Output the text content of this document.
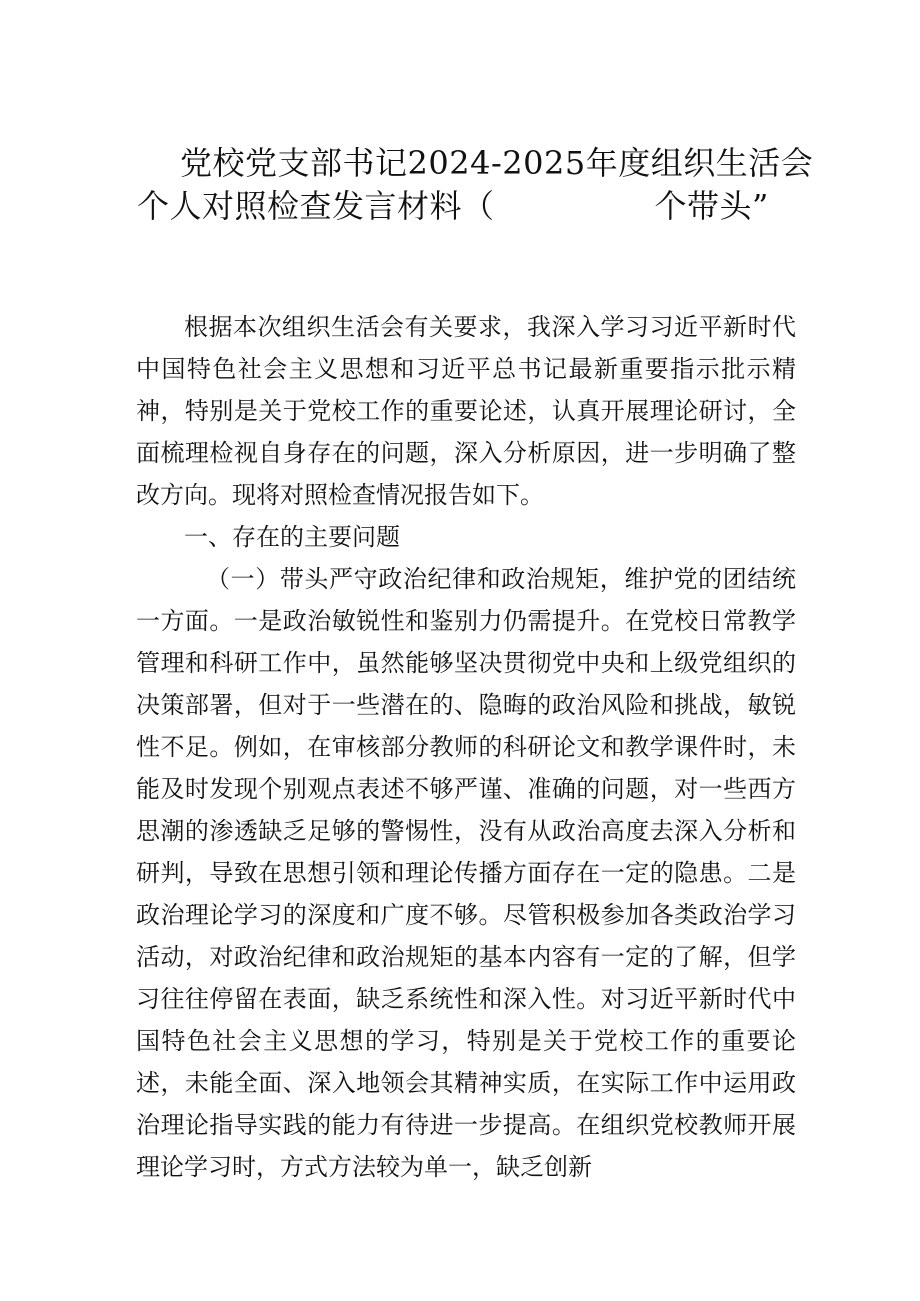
党校党支部书记2024-2025年度组织生活会
个人对照检查发言材料（	个带头”

根据本次组织生活会有关要求，我深入学习习近平新时代中国特色社会主义思想和习近平总书记最新重要指示批示精神，特别是关于党校工作的重要论述，认真开展理论研讨，全面梳理检视自身存在的问题，深入分析原因，进一步明确了整改方向。现将对照检查情况报告如下。

一、存在的主要问题

（一）带头严守政治纪律和政治规矩，维护党的团结统一方面。一是政治敏锐性和鉴别力仍需提升。在党校日常教学管理和科研工作中，虽然能够坚决贯彻党中央和上级党组织的决策部署，但对于一些潜在的、隐晦的政治风险和挑战，敏锐性不足。例如，在审核部分教师的科研论文和教学课件时，未能及时发现个别观点表述不够严谨、准确的问题，对一些西方思潮的渗透缺乏足够的警惕性，没有从政治高度去深入分析和研判，导致在思想引领和理论传播方面存在一定的隐患。二是政治理论学习的深度和广度不够。尽管积极参加各类政治学习活动，对政治纪律和政治规矩的基本内容有一定的了解，但学习往往停留在表面，缺乏系统性和深入性。对习近平新时代中国特色社会主义思想的学习，特别是关于党校工作的重要论述，未能全面、深入地领会其精神实质，在实际工作中运用政治理论指导实践的能力有待进一步提高。在组织党校教师开展理论学习时，方式方法较为单一，缺乏创新
